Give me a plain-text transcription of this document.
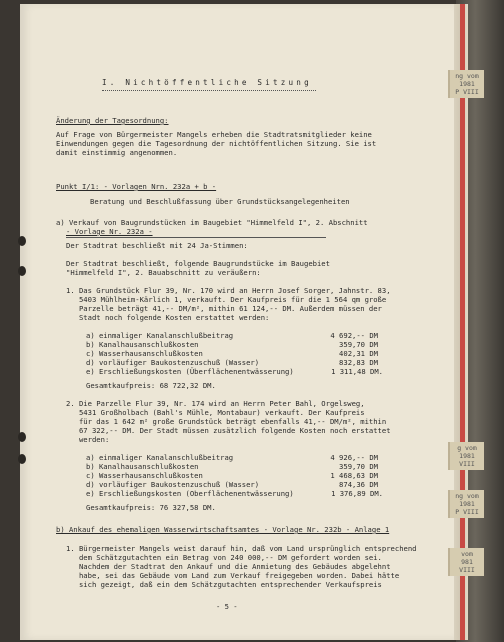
I. Nichtöffentliche Sitzung
Änderung der Tagesordnung:
Auf Frage von Bürgermeister Mangels erheben die Stadtratsmitglieder keine
Einwendungen gegen die Tagesordnung der nichtöffentlichen Sitzung. Sie ist
damit einstimmig angenommen.
Punkt I/1: - Vorlagen Nrn. 232a + b -
Beratung und Beschlußfassung über Grundstücksangelegenheiten
a) Verkauf von Baugrundstücken im Baugebiet "Himmelfeld I", 2. Abschnitt
- Vorlage Nr. 232a -
Der Stadtrat beschließt mit 24 Ja-Stimmen:
Der Stadtrat beschließt, folgende Baugrundstücke im Baugebiet
"Himmelfeld I", 2. Bauabschnitt zu veräußern:
1. Das Grundstück Flur 39, Nr. 170 wird an Herrn Josef Sorger, Jahnstr. 83,
5403 Mühlheim-Kärlich 1, verkauft. Der Kaufpreis für die 1 564 qm große
Parzelle beträgt 41,-- DM/m², mithin 61 124,-- DM. Außerdem müssen der
Stadt noch folgende Kosten erstattet werden:
a) einmaliger Kanalanschlußbeitrag	4 692,-- DM
b) Kanalhausanschlußkosten	359,70 DM
c) Wasserhausanschlußkosten	402,31 DM
d) vorläufiger Baukostenzuschuß (Wasser)	832,83 DM
e) Erschließungskosten (Überflächenentwässerung)	1 311,48 DM.
Gesamtkaufpreis: 68 722,32 DM.
2. Die Parzelle Flur 39, Nr. 174 wird an Herrn Peter Bahl, Orgelsweg,
5431 Großholbach (Bahl's Mühle, Montabaur) verkauft. Der Kaufpreis
für das 1 642 m² große Grundstück beträgt ebenfalls 41,-- DM/m², mithin
67 322,-- DM. Der Stadt müssen zusätzlich folgende Kosten noch erstattet
werden:
a) einmaliger Kanalanschlußbeitrag	4 926,-- DM
b) Kanalhausanschlußkosten	359,70 DM
c) Wasserhausanschlußkosten	1 468,63 DM
d) vorläufiger Baukostenzuschuß (Wasser)	874,36 DM
e) Erschließungskosten (Oberflächenentwässerung)	1 376,89 DM.
Gesamtkaufpreis: 76 327,58 DM.
b) Ankauf des ehemaligen Wasserwirtschaftsamtes - Vorlage Nr. 232b - Anlage 1
1. Bürgermeister Mangels weist darauf hin, daß vom Land ursprünglich entsprechend
dem Schätzgutachten ein Betrag von 240 000,-- DM gefordert worden sei.
Nachdem der Stadtrat den Ankauf und die Anmietung des Gebäudes abgelehnt
habe, sei das Gebäude vom Land zum Verkauf freigegeben worden. Dabei hätte
sich gezeigt, daß ein dem Schätzgutachten entsprechender Verkaufspreis
- 5 -
ng vom
1981
P VIII
g vom
1981
VIII
ng vom
1981
P VIII
vom
981
VIII
